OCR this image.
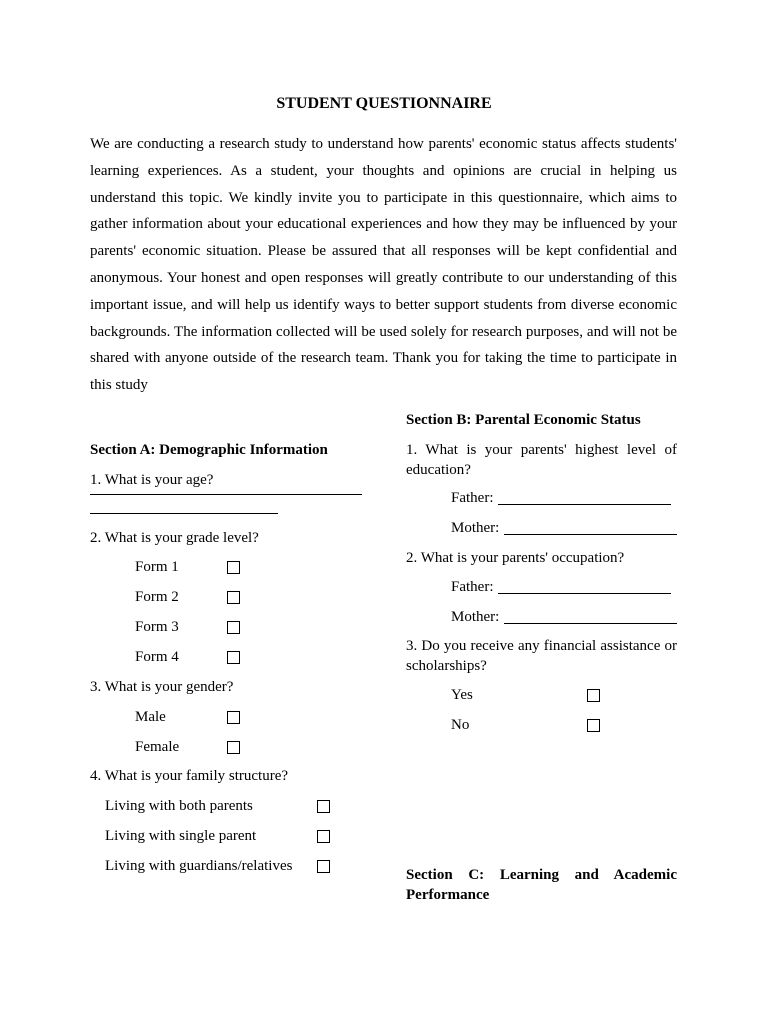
STUDENT QUESTIONNAIRE
We are conducting a research study to understand how parents' economic status affects students' learning experiences. As a student, your thoughts and opinions are crucial in helping us understand this topic. We kindly invite you to participate in this questionnaire, which aims to gather information about your educational experiences and how they may be influenced by your parents' economic situation. Please be assured that all responses will be kept confidential and anonymous. Your honest and open responses will greatly contribute to our understanding of this important issue, and will help us identify ways to better support students from diverse economic backgrounds. The information collected will be used solely for research purposes, and will not be shared with anyone outside of the research team. Thank you for taking the time to participate in this study
Section A: Demographic Information
1. What is your age?
2. What is your grade level?
Form 1
Form 2
Form 3
Form 4
3. What is your gender?
Male
Female
4. What is your family structure?
Living with both parents
Living with single parent
Living with guardians/relatives
Section B: Parental Economic Status
1. What is your parents' highest level of education?
Father:
Mother:
2. What is your parents' occupation?
Father:
Mother:
3. Do you receive any financial assistance or scholarships?
Yes
No
Section C: Learning and Academic Performance
